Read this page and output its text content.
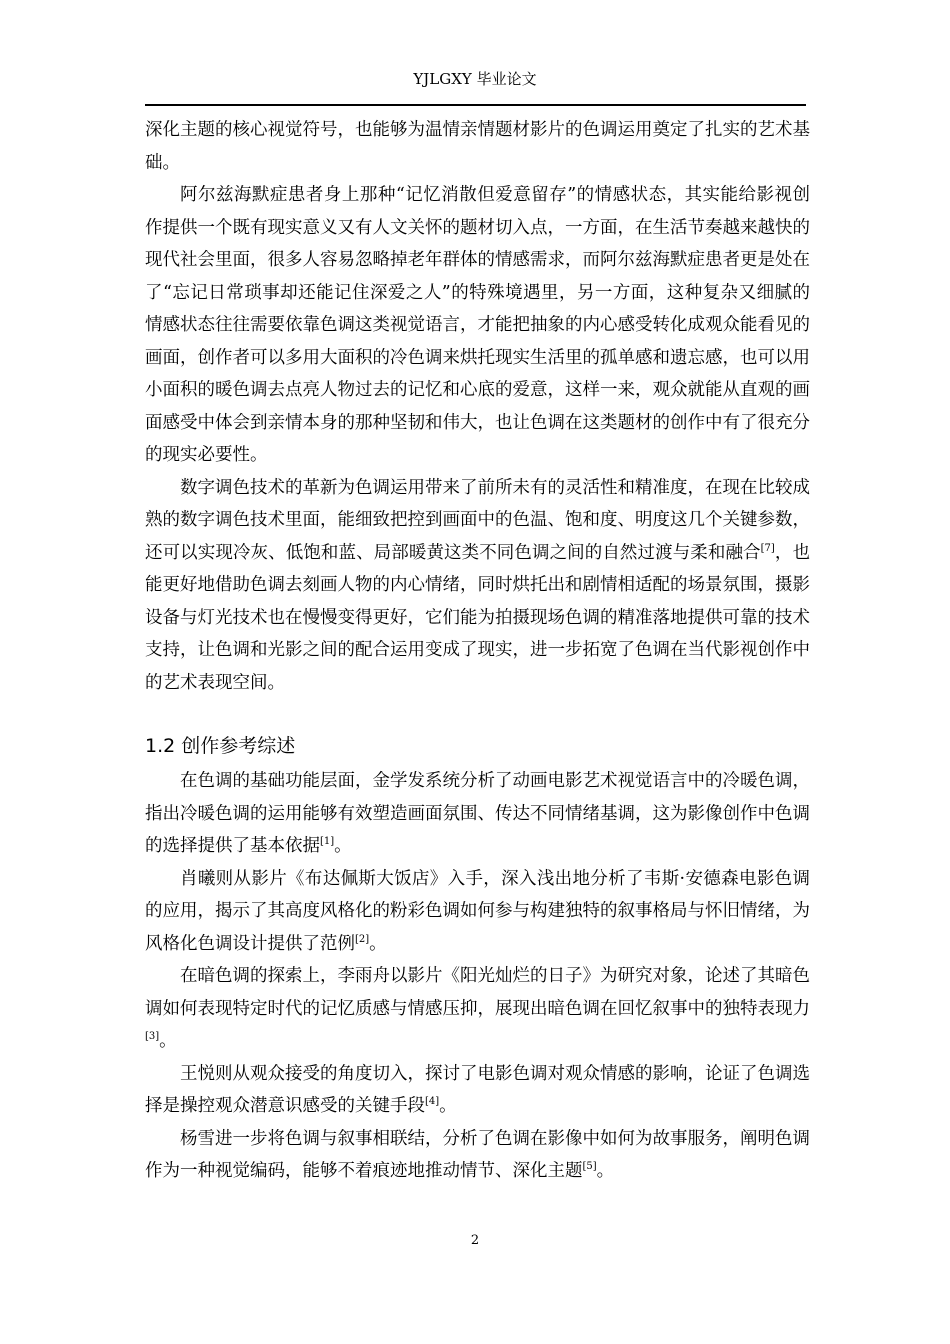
YJLGXY 毕业论文

深化主题的核心视觉符号，也能够为温情亲情题材影片的色调运用奠定了扎实的艺术基础。

阿尔兹海默症患者身上那种“记忆消散但爱意留存”的情感状态，其实能给影视创作提供一个既有现实意义又有人文关怀的题材切入点，一方面，在生活节奏越来越快的现代社会里面，很多人容易忽略掉老年群体的情感需求，而阿尔兹海默症患者更是处在了“忘记日常琐事却还能记住深爱之人”的特殊境遇里，另一方面，这种复杂又细腻的情感状态往往需要依靠色调这类视觉语言，才能把抽象的内心感受转化成观众能看见的画面，创作者可以多用大面积的冷色调来烘托现实生活里的孤单感和遗忘感，也可以用小面积的暖色调去点亮人物过去的记忆和心底的爱意，这样一来，观众就能从直观的画面感受中体会到亲情本身的那种坚韧和伟大，也让色调在这类题材的创作中有了很充分的现实必要性。

数字调色技术的革新为色调运用带来了前所未有的灵活性和精准度，在现在比较成熟的数字调色技术里面，能细致把控到画面中的色温、饱和度、明度这几个关键参数，还可以实现冷灰、低饱和蓝、局部暖黄这类不同色调之间的自然过渡与柔和融合[7]，也能更好地借助色调去刻画人物的内心情绪，同时烘托出和剧情相适配的场景氛围，摄影设备与灯光技术也在慢慢变得更好，它们能为拍摄现场色调的精准落地提供可靠的技术支持，让色调和光影之间的配合运用变成了现实，进一步拓宽了色调在当代影视创作中的艺术表现空间。

1.2 创作参考综述

在色调的基础功能层面，金学发系统分析了动画电影艺术视觉语言中的冷暖色调，指出冷暖色调的运用能够有效塑造画面氛围、传达不同情绪基调，这为影像创作中色调的选择提供了基本依据[1]。

肖曦则从影片《布达佩斯大饭店》入手，深入浅出地分析了韦斯·安德森电影色调的应用，揭示了其高度风格化的粉彩色调如何参与构建独特的叙事格局与怀旧情绪，为风格化色调设计提供了范例[2]。

在暗色调的探索上，李雨舟以影片《阳光灿烂的日子》为研究对象，论述了其暗色调如何表现特定时代的记忆质感与情感压抑，展现出暗色调在回忆叙事中的独特表现力[3]。

王悦则从观众接受的角度切入，探讨了电影色调对观众情感的影响，论证了色调选择是操控观众潜意识感受的关键手段[4]。

杨雪进一步将色调与叙事相联结，分析了色调在影像中如何为故事服务，阐明色调作为一种视觉编码，能够不着痕迹地推动情节、深化主题[5]。

2
